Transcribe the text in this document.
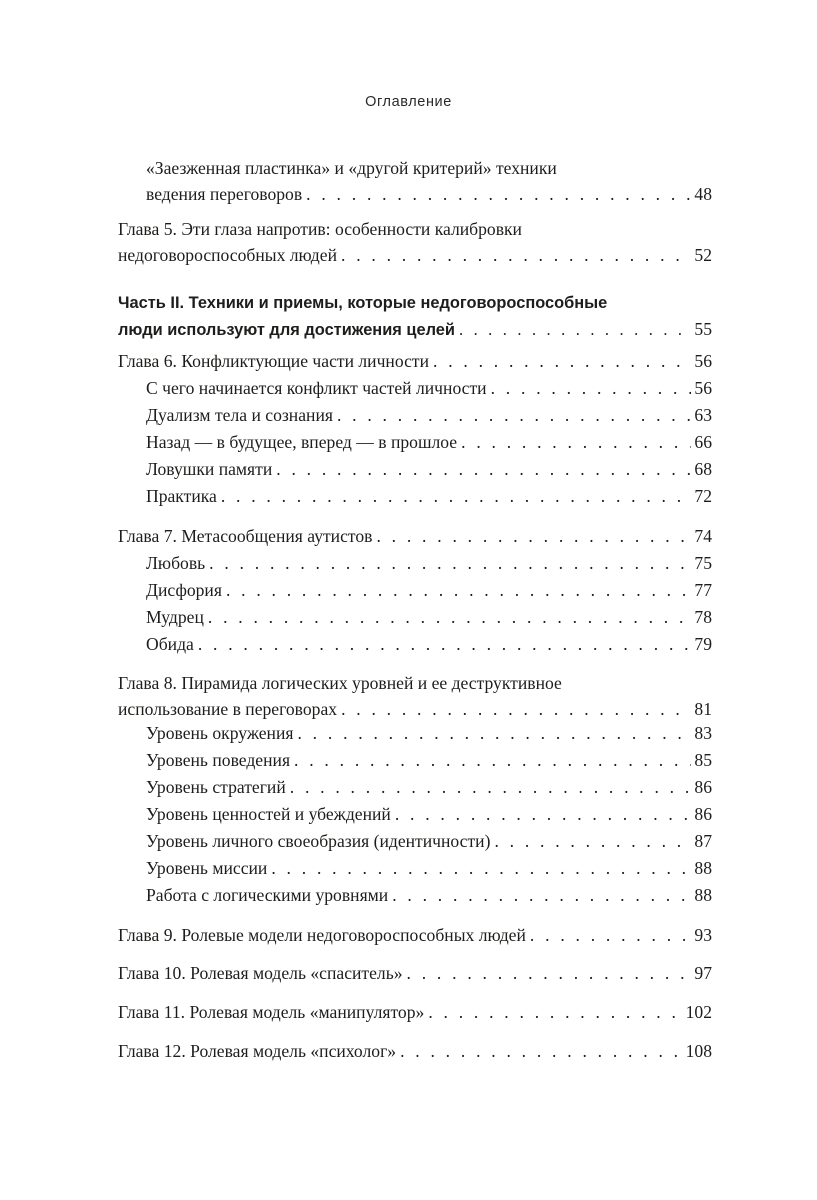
Оглавление
«Заезженная пластинка» и «другой критерий» техники
ведения переговоров . . .	48
Глава 5. Эти глаза напротив: особенности калибровки
недоговороспособных людей . . .	52
Часть II. Техники и приемы, которые недоговороспособные
люди используют для достижения целей . . .	55
Глава 6. Конфликтующие части личности . . .	56
С чего начинается конфликт частей личности . . .	56
Дуализм тела и сознания . . .	63
Назад — в будущее, вперед — в прошлое . . .	66
Ловушки памяти . . .	68
Практика . . .	72
Глава 7. Метасообщения аутистов . . .	74
Любовь . . .	75
Дисфория . . .	77
Мудрец . . .	78
Обида . . .	79
Глава 8. Пирамида логических уровней и ее деструктивное
использование в переговорах . . .	81
Уровень окружения . . .	83
Уровень поведения . . .	85
Уровень стратегий . . .	86
Уровень ценностей и убеждений . . .	86
Уровень личного своеобразия (идентичности) . . .	87
Уровень миссии . . .	88
Работа с логическими уровнями . . .	88
Глава 9. Ролевые модели недоговороспособных людей . . .	93
Глава 10. Ролевая модель «спаситель» . . .	97
Глава 11. Ролевая модель «манипулятор» . . .	102
Глава 12. Ролевая модель «психолог» . . .	108
